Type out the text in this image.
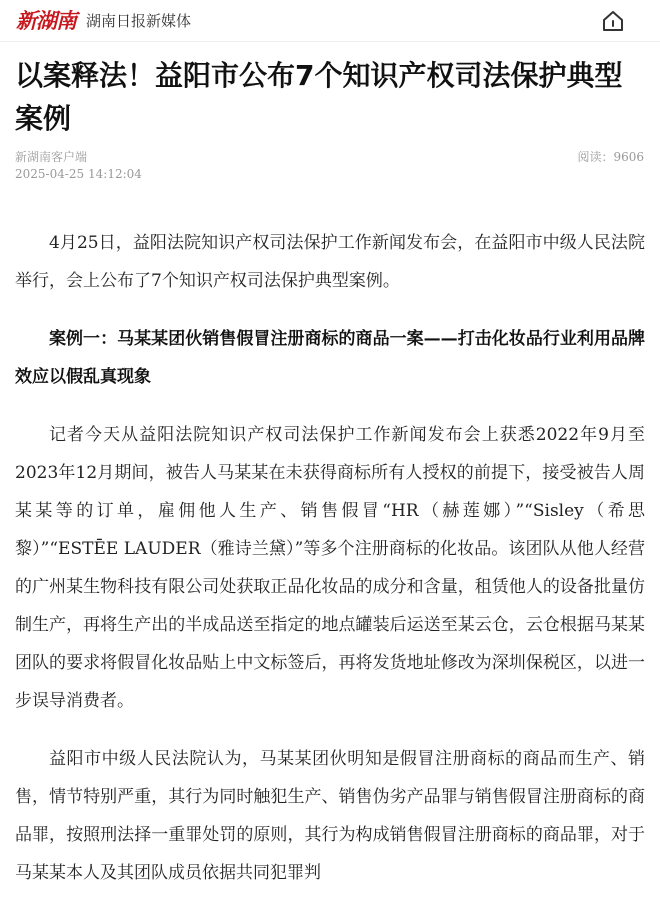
新湖南 湖南日报新媒体
以案释法！益阳市公布7个知识产权司法保护典型案例
新湖南客户端
2025-04-25 14:12:04
阅读：9606

4月25日，益阳法院知识产权司法保护工作新闻发布会，在益阳市中级人民法院举行，会上公布了7个知识产权司法保护典型案例。

案例一：马某某团伙销售假冒注册商标的商品一案——打击化妆品行业利用品牌效应以假乱真现象

记者今天从益阳法院知识产权司法保护工作新闻发布会上获悉2022年9月至2023年12月期间，被告人马某某在未获得商标所有人授权的前提下，接受被告人周某某等的订单，雇佣他人生产、销售假冒“HR（赫莲娜）”“Sisley（希思黎）”“ESTĒE LAUDER（雅诗兰黛）”等多个注册商标的化妆品。该团队从他人经营的广州某生物科技有限公司处获取正品化妆品的成分和含量，租赁他人的设备批量仿制生产，再将生产出的半成品送至指定的地点罐装后运送至某云仓，云仓根据马某某团队的要求将假冒化妆品贴上中文标签后，再将发货地址修改为深圳保税区，以进一步误导消费者。

益阳市中级人民法院认为，马某某团伙明知是假冒注册商标的商品而生产、销售，情节特别严重，其行为同时触犯生产、销售伪劣产品罪与销售假冒注册商标的商品罪，按照刑法择一重罪处罚的原则，其行为构成销售假冒注册商标的商品罪，对于马某某本人及其团队成员依据共同犯罪判
